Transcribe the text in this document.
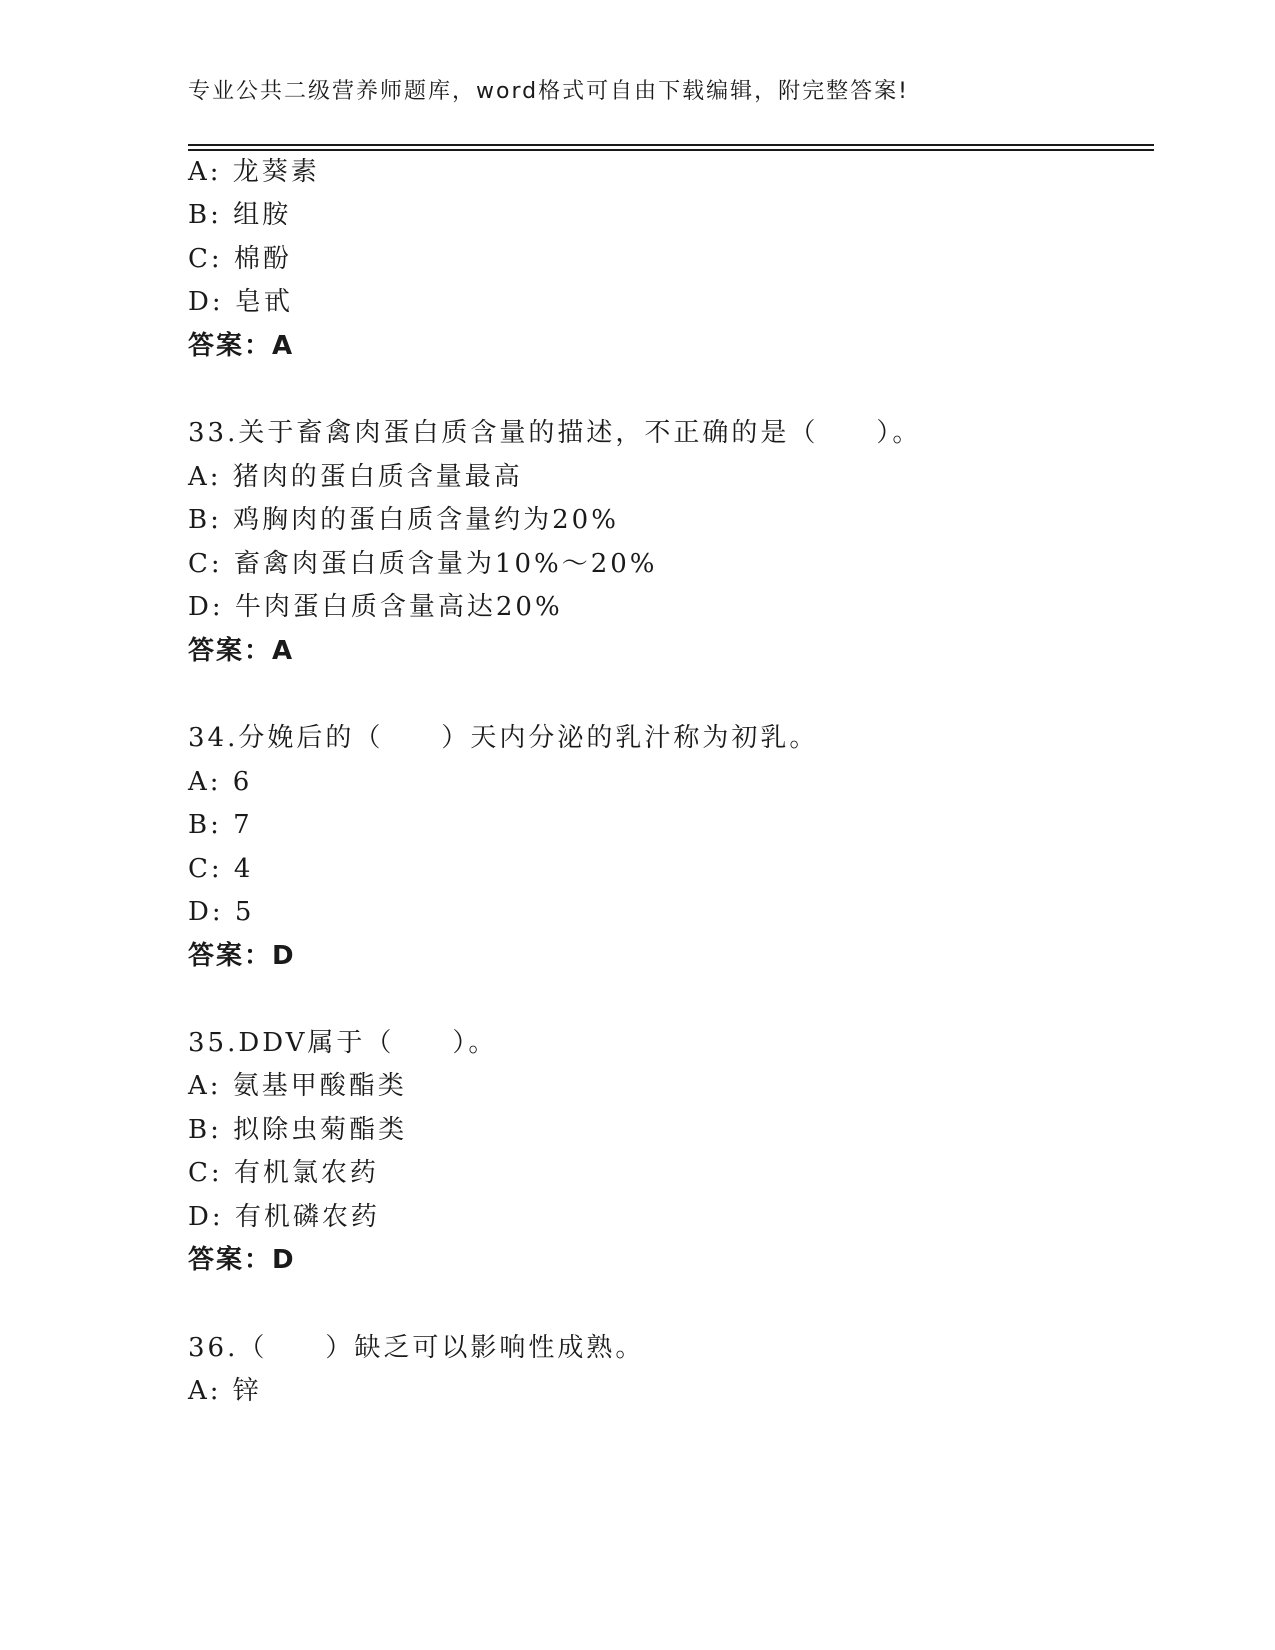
专业公共二级营养师题库，word格式可自由下载编辑，附完整答案!
A: 龙葵素
B: 组胺
C: 棉酚
D: 皂甙
答案：A
33.关于畜禽肉蛋白质含量的描述，不正确的是（　　）。
A: 猪肉的蛋白质含量最高
B: 鸡胸肉的蛋白质含量约为20%
C: 畜禽肉蛋白质含量为10%～20%
D: 牛肉蛋白质含量高达20%
答案：A
34.分娩后的（　　）天内分泌的乳汁称为初乳。
A: 6
B: 7
C: 4
D: 5
答案：D
35.DDV属于（　　）。
A: 氨基甲酸酯类
B: 拟除虫菊酯类
C: 有机氯农药
D: 有机磷农药
答案：D
36.（　　）缺乏可以影响性成熟。
A: 锌
